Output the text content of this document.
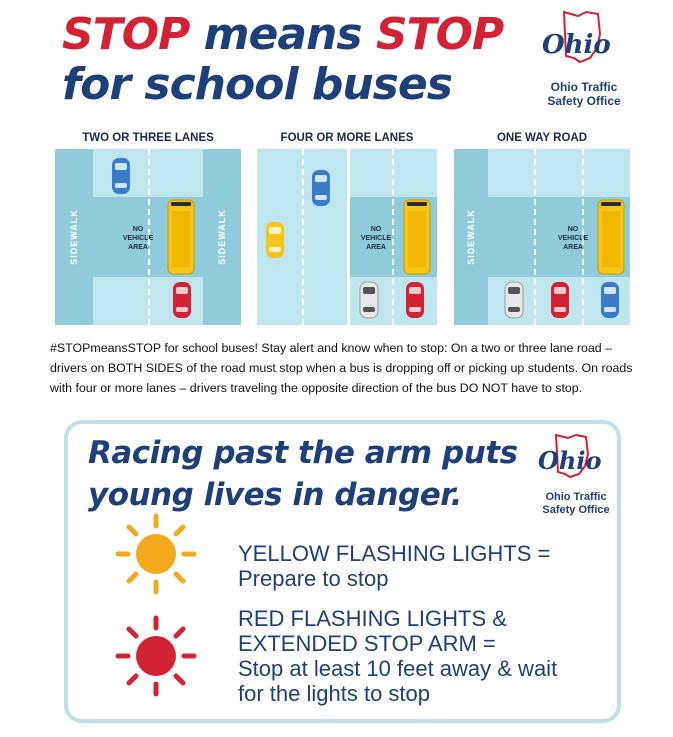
STOP means STOP
for school buses
Ohio
Ohio Traffic
Safety Office
TWO OR THREE LANES	FOUR OR MORE LANES	ONE WAY ROAD
SIDEWALK	SIDEWALK
NO
VEHICLE
AREA
NO
VEHICLE
AREA	SIDEWALK	NO
VEHICLE
AREA
#STOPmeansSTOP for school buses! Stay alert and know when to stop: On a two or three lane road – drivers on BOTH SIDES of the road must stop when a bus is dropping off or picking up students. On roads with four or more lanes – drivers traveling the opposite direction of the bus DO NOT have to stop.
Racing past the arm puts
young lives in danger.
Ohio
Ohio Traffic
Safety Office
YELLOW FLASHING LIGHTS =
Prepare to stop
RED FLASHING LIGHTS &
EXTENDED STOP ARM =
Stop at least 10 feet away & wait
for the lights to stop
